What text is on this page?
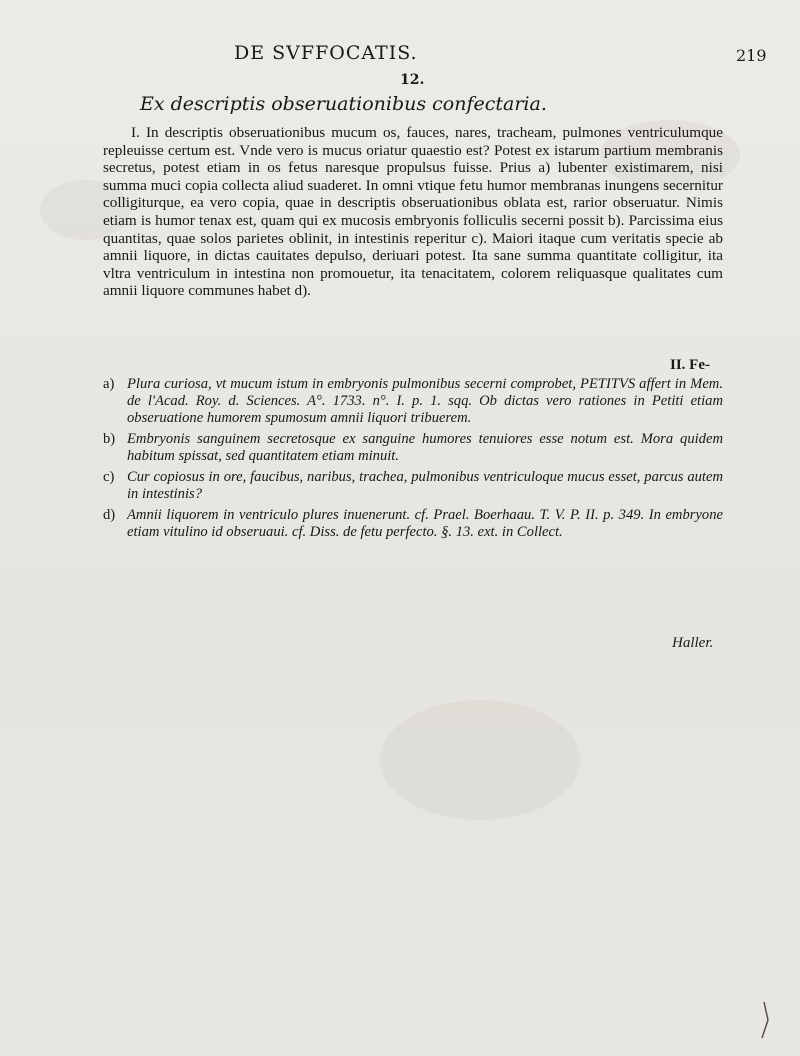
DE SVFFOCATIS.	219
12.
Ex descriptis obseruationibus confectaria.

I. In descriptis obseruationibus mucum os, fauces, nares, tracheam, pulmones ventriculumque repleuisse certum est. Vnde vero is mucus oriatur quaestio est? Potest ex istarum partium membranis secretus, potest etiam in os fetus naresque propulsus fuisse. Prius a) lubenter existimarem, nisi summa muci copia collecta aliud suaderet. In omni vtique fetu humor membranas inungens secernitur colligiturque, ea vero copia, quae in descriptis obseruationibus oblata est, rarior obseruatur. Nimis etiam is humor tenax est, quam qui ex mucosis embryonis folliculis secerni possit b). Parcissima eius quantitas, quae solos parietes oblinit, in intestinis reperitur c). Maiori itaque cum veritatis specie ab amnii liquore, in dictas cauitates depulso, deriuari potest. Ita sane summa quantitate colligitur, ita vltra ventriculum in intestina non promouetur, ita tenacitatem, colorem reliquasque qualitates cum amnii liquore communes habet d).

II. Fe-

a) Plura curiosa, vt mucum istum in embryonis pulmonibus secerni comprobet, PETITVS affert in Mem. de l'Acad. Roy. d. Sciences. A°. 1733. n°. I. p. 1. sqq. Ob dictas vero rationes in Petiti etiam obseruatione humorem spumosum amnii liquori tribuerem.

b) Embryonis sanguinem secretosque ex sanguine humores tenuiores esse notum est. Mora quidem habitum spissat, sed quantitatem etiam minuit.

c) Cur copiosus in ore, faucibus, naribus, trachea, pulmonibus ventriculoque mucus esset, parcus autem in intestinis?

d) Amnii liquorem in ventriculo plures inuenerunt. cf. Prael. Boerhaau. T. V. P. II. p. 349. In embryone etiam vitulino id obseruaui. cf. Diss. de fetu perfecto. §. 13. ext. in Collect.

Haller.
